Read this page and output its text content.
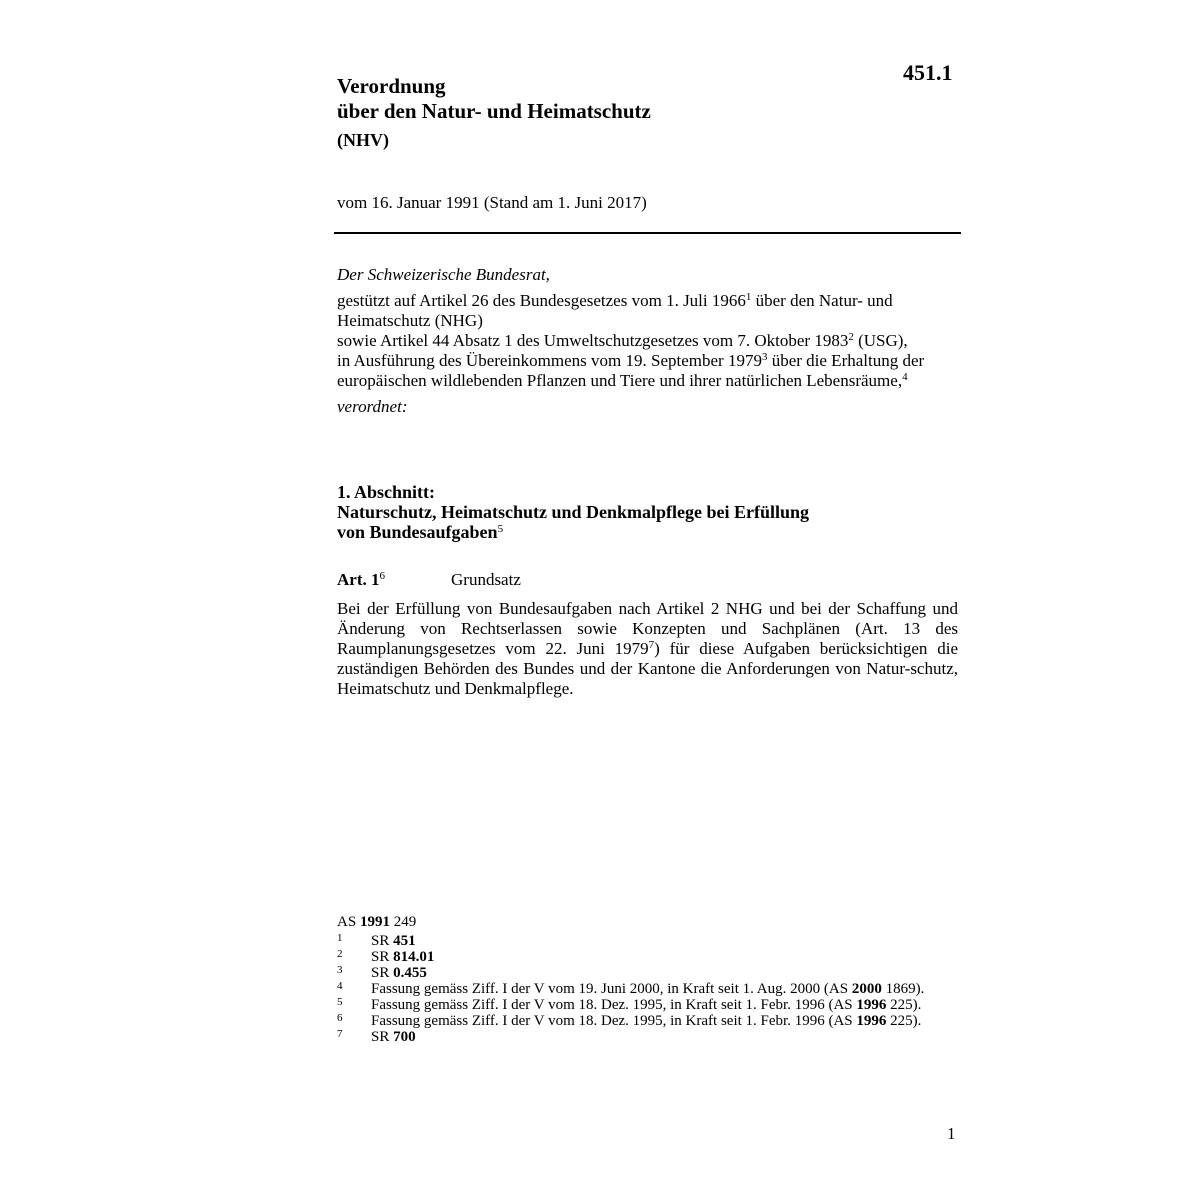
451.1
Verordnung
über den Natur- und Heimatschutz
(NHV)
vom 16. Januar 1991 (Stand am 1. Juni 2017)

Der Schweizerische Bundesrat,

gestützt auf Artikel 26 des Bundesgesetzes vom 1. Juli 1966$^1$ über den Natur- und Heimatschutz (NHG)

sowie Artikel 44 Absatz 1 des Umweltschutzgesetzes vom 7. Oktober 1983$^2$ (USG),

in Ausführung des Übereinkommens vom 19. September 1979$^3$ über die Erhaltung der europäischen wildlebenden Pflanzen und Tiere und ihrer natürlichen Lebensräume,$^4$

verordnet:

1. Abschnitt:
Naturschutz, Heimatschutz und Denkmalpflege bei Erfüllung
von Bundesaufgaben$^5$
Art. $1^6$	Grundsatz

Bei der Erfüllung von Bundesaufgaben nach Artikel 2 NHG und bei der Schaffung und Änderung von Rechtserlassen sowie Konzepten und Sachplänen (Art. 13 des Raumplanungsgesetzes vom 22. Juni 1979$^7$) für diese Aufgaben berücksichtigen die zuständigen Behörden des Bundes und der Kantone die Anforderungen von Natur-schutz, Heimatschutz und Denkmalpflege.

AS 1991 249
1	SR 451
2	SR 814.01
3	SR 0.455
4	Fassung gemäss Ziff. I der V vom 19. Juni 2000, in Kraft seit 1. Aug. 2000 (AS 2000 1869).
5	Fassung gemäss Ziff. I der V vom 18. Dez. 1995, in Kraft seit 1. Febr. 1996 (AS 1996 225).
6	Fassung gemäss Ziff. I der V vom 18. Dez. 1995, in Kraft seit 1. Febr. 1996 (AS 1996 225).
7	SR 700
1
